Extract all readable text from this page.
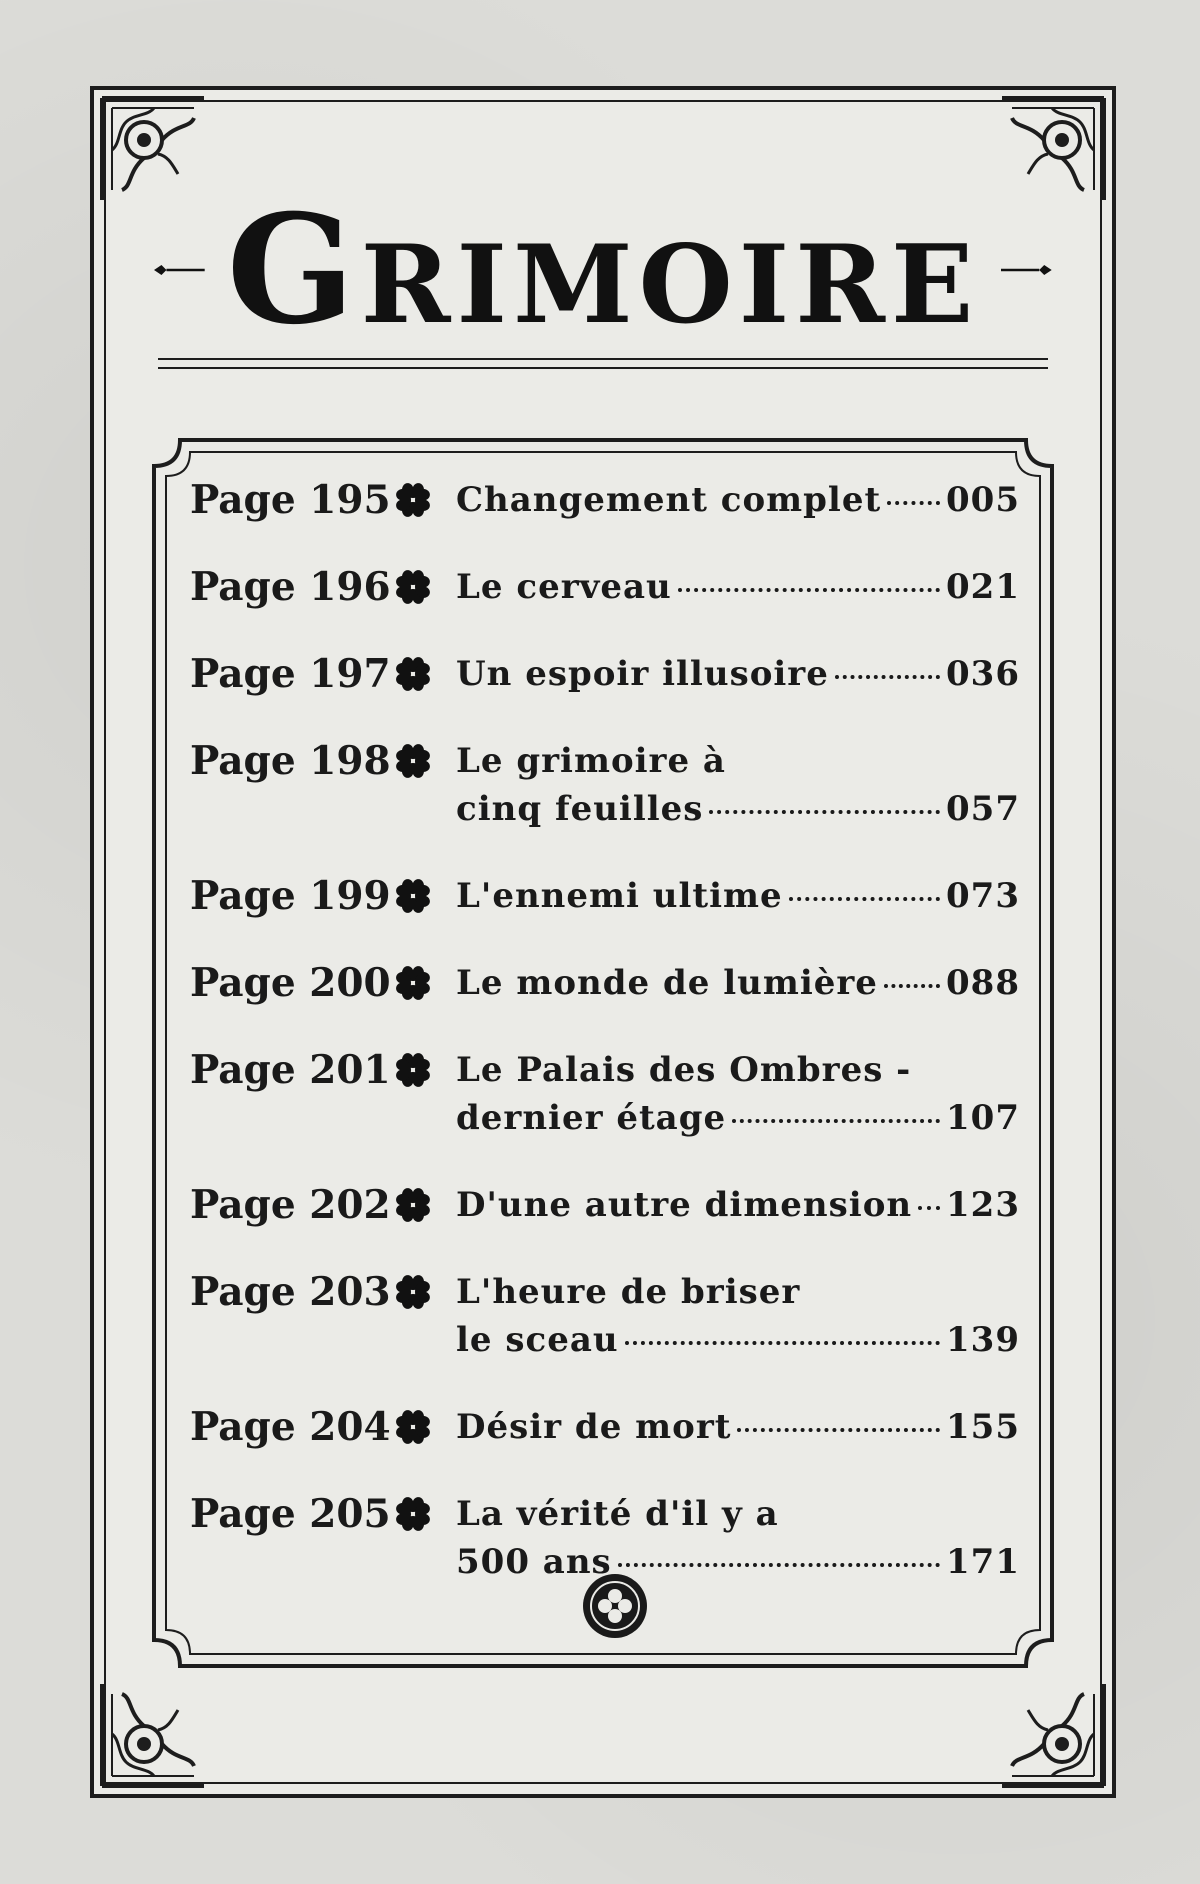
GRIMOIRE
Page 195 Changement complet 005
Page 196 Le cerveau	021
Page 197 Un espoir illusoire	036
Page 198 Le grimoire à
cinq feuilles	057
Page 199 L'ennemi ultime	073
Page 200 Le monde de lumière 088
Page 201 Le Palais des Ombres -
dernier étage	107
Page 202 D'une autre dimension 123
Page 203 L'heure de briser
le sceau	139
Page 204 Désir de mort	155
Page 205 La vérité d'il y a
500 ans	171
